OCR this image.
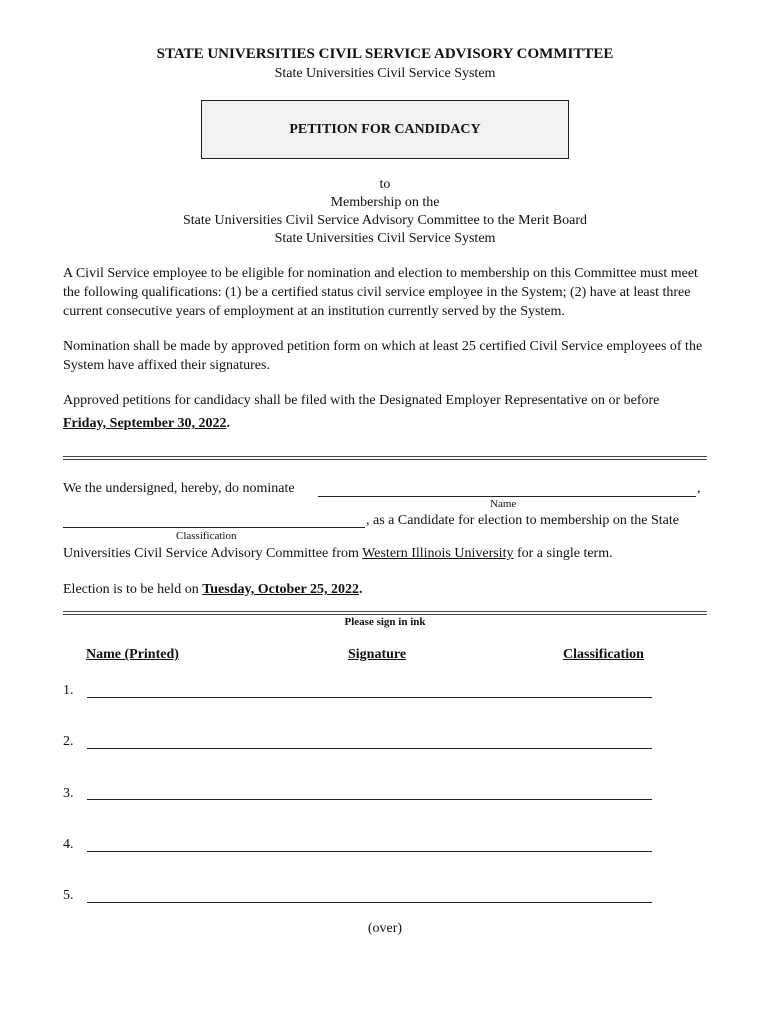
STATE UNIVERSITIES CIVIL SERVICE ADVISORY COMMITTEE
State Universities Civil Service System
PETITION FOR CANDIDACY
to
Membership on the
State Universities Civil Service Advisory Committee to the Merit Board
State Universities Civil Service System
A Civil Service employee to be eligible for nomination and election to membership on this Committee must meet the following qualifications: (1) be a certified status civil service employee in the System; (2) have at least three current consecutive years of employment at an institution currently served by the System.
Nomination shall be made by approved petition form on which at least 25 certified Civil Service employees of the System have affixed their signatures.
Approved petitions for candidacy shall be filed with the Designated Employer Representative on or before
Friday, September 30, 2022.
We the undersigned, hereby, do nominate	,
Name
, as a Candidate for election to membership on the State
Classification
Universities Civil Service Advisory Committee from Western Illinois University for a single term.
Election is to be held on Tuesday, October 25, 2022.
Please sign in ink
Name (Printed)	Signature	Classification
1.
2.
3.
4.
5.
(over)
